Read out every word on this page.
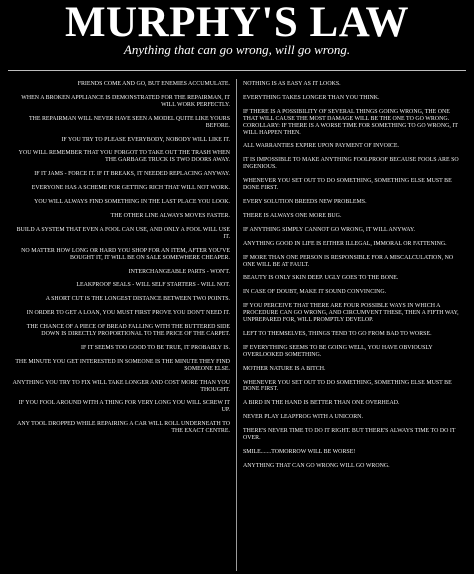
MURPHY'S LAW
Anything that can go wrong, will go wrong.
FRIENDS COME AND GO, BUT ENEMIES ACCUMULATE.
WHEN A BROKEN APPLIANCE IS DEMONSTRATED FOR THE REPAIRMAN, IT WILL WORK PERFECTLY.
THE REPAIRMAN WILL NEVER HAVE SEEN A MODEL QUITE LIKE YOURS BEFORE.
IF YOU TRY TO PLEASE EVERYBODY, NOBODY WILL LIKE IT.
YOU WILL REMEMBER THAT YOU FORGOT TO TAKE OUT THE TRASH WHEN THE GARBAGE TRUCK IS TWO DOORS AWAY.
IF IT JAMS - FORCE IT. IF IT BREAKS, IT NEEDED REPLACING ANYWAY.
EVERYONE HAS A SCHEME FOR GETTING RICH THAT WILL NOT WORK.
YOU WILL ALWAYS FIND SOMETHING IN THE LAST PLACE YOU LOOK.
THE OTHER LINE ALWAYS MOVES FASTER.
BUILD A SYSTEM THAT EVEN A FOOL CAN USE, AND ONLY A FOOL WILL USE IT.
NO MATTER HOW LONG OR HARD YOU SHOP FOR AN ITEM, AFTER YOU'VE BOUGHT IT, IT WILL BE ON SALE SOMEWHERE CHEAPER.
INTERCHANGEABLE PARTS - WON'T.
LEAKPROOF SEALS - WILL SELF STARTERS - WILL NOT.
A SHORT CUT IS THE LONGEST DISTANCE BETWEEN TWO POINTS.
IN ORDER TO GET A LOAN, YOU MUST FIRST PROVE YOU DON'T NEED IT.
THE CHANCE OF A PIECE OF BREAD FALLING WITH THE BUTTERED SIDE DOWN IS DIRECTLY PROPORTIONAL TO THE PRICE OF THE CARPET.
IF IT SEEMS TOO GOOD TO BE TRUE, IT PROBABLY IS.
THE MINUTE YOU GET INTERESTED IN SOMEONE IS THE MINUTE THEY FIND SOMEONE ELSE.
ANYTHING YOU TRY TO FIX WILL TAKE LONGER AND COST MORE THAN YOU THOUGHT.
IF YOU FOOL AROUND WITH A THING FOR VERY LONG YOU WILL SCREW IT UP.
ANY TOOL DROPPED WHILE REPAIRING A CAR WILL ROLL UNDERNEATH TO THE EXACT CENTRE.
NOTHING IS AS EASY AS IT LOOKS.
EVERYTHING TAKES LONGER THAN YOU THINK.
IF THERE IS A POSSIBILITY OF SEVERAL THINGS GOING WRONG, THE ONE THAT WILL CAUSE THE MOST DAMAGE WILL BE THE ONE TO GO WRONG. COROLLARY: IF THERE IS A WORSE TIME FOR SOMETHING TO GO WRONG, IT WILL HAPPEN THEN.
ALL WARRANTIES EXPIRE UPON PAYMENT OF INVOICE.
IT IS IMPOSSIBLE TO MAKE ANYTHING FOOLPROOF BECAUSE FOOLS ARE SO INGENIOUS.
WHENEVER YOU SET OUT TO DO SOMETHING, SOMETHING ELSE MUST BE DONE FIRST.
EVERY SOLUTION BREEDS NEW PROBLEMS.
THERE IS ALWAYS ONE MORE BUG.
IF ANYTHING SIMPLY CANNOT GO WRONG, IT WILL ANYWAY.
ANYTHING GOOD IN LIFE IS EITHER ILLEGAL, IMMORAL OR FATTENING.
IF MORE THAN ONE PERSON IS RESPONSIBLE FOR A MISCALCULATION, NO ONE WILL BE AT FAULT.
BEAUTY IS ONLY SKIN DEEP. UGLY GOES TO THE BONE.
IN CASE OF DOUBT, MAKE IT SOUND CONVINCING.
IF YOU PERCEIVE THAT THERE ARE FOUR POSSIBLE WAYS IN WHICH A PROCEDURE CAN GO WRONG, AND CIRCUMVENT THESE, THEN A FIFTH WAY, UNPREPARED FOR, WILL PROMPTLY DEVELOP.
LEFT TO THEMSELVES, THINGS TEND TO GO FROM BAD TO WORSE.
IF EVERYTHING SEEMS TO BE GOING WELL, YOU HAVE OBVIOUSLY OVERLOOKED SOMETHING.
MOTHER NATURE IS A BITCH.
WHENEVER YOU SET OUT TO DO SOMETHING, SOMETHING ELSE MUST BE DONE FIRST.
A BIRD IN THE HAND IS BETTER THAN ONE OVERHEAD.
NEVER PLAY LEAPFROG WITH A UNICORN.
THERE'S NEVER TIME TO DO IT RIGHT. BUT THERE'S ALWAYS TIME TO DO IT OVER.
SMILE.......TOMORROW WILL BE WORSE!
ANYTHING THAT CAN GO WRONG WILL GO WRONG.
